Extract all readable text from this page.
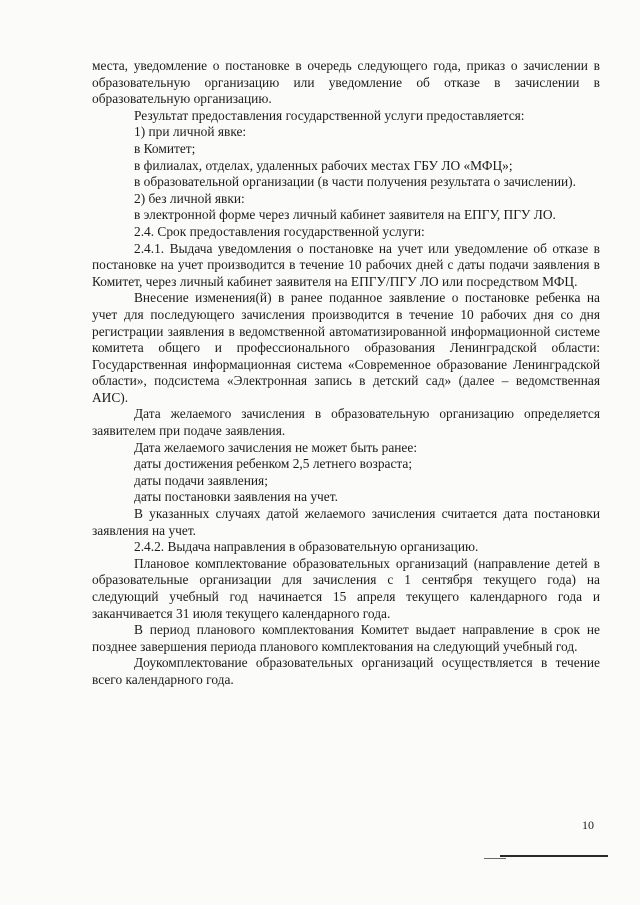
места, уведомление о постановке в очередь следующего года, приказ о зачислении в образовательную организацию или уведомление об отказе в зачислении в образовательную организацию.

Результат предоставления государственной услуги предоставляется:

1) при личной явке:

в Комитет;

в филиалах, отделах, удаленных рабочих местах ГБУ ЛО «МФЦ»;

в образовательной организации (в части получения результата о зачислении).

2) без личной явки:

в электронной форме через личный кабинет заявителя на ЕПГУ, ПГУ ЛО.

2.4. Срок предоставления государственной услуги:

2.4.1. Выдача уведомления о постановке на учет или уведомление об отказе в постановке на учет производится в течение 10 рабочих дней с даты подачи заявления в Комитет, через личный кабинет заявителя на ЕПГУ/ПГУ ЛО или посредством МФЦ.

Внесение изменения(й) в ранее поданное заявление о постановке ребенка на учет для последующего зачисления производится в течение 10 рабочих дня со дня регистрации заявления в ведомственной автоматизированной информационной системе комитета общего и профессионального образования Ленинградской области: Государственная информационная система «Современное образование Ленинградской области», подсистема «Электронная запись в детский сад» (далее – ведомственная АИС).

Дата желаемого зачисления в образовательную организацию определяется заявителем при подаче заявления.

Дата желаемого зачисления не может быть ранее:

даты достижения ребенком 2,5 летнего возраста;

даты подачи заявления;

даты постановки заявления на учет.

В указанных случаях датой желаемого зачисления считается дата постановки заявления на учет.

2.4.2. Выдача направления в образовательную организацию.

Плановое комплектование образовательных организаций (направление детей в образовательные организации для зачисления с 1 сентября текущего года) на следующий учебный год начинается 15 апреля текущего календарного года и заканчивается 31 июля текущего календарного года.

В период планового комплектования Комитет выдает направление в срок не позднее завершения периода планового комплектования на следующий учебный год.

Доукомплектование образовательных организаций осуществляется в течение всего календарного года.

10
